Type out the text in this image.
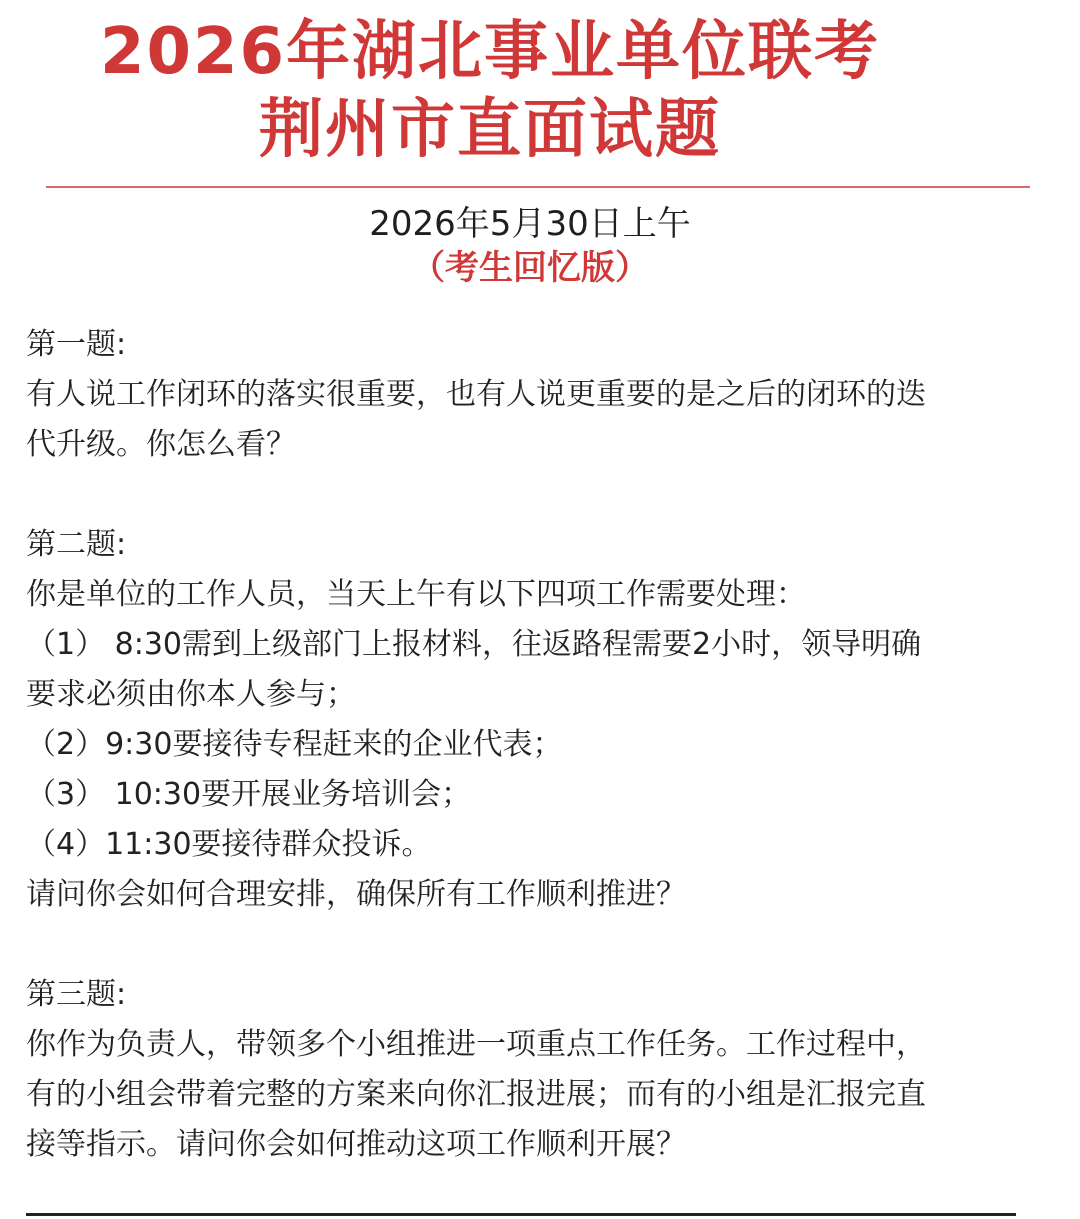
2026年湖北事业单位联考
荆州市直面试题
2026年5月30日上午
（考生回忆版）
第一题:
有人说工作闭环的落实很重要，也有人说更重要的是之后的闭环的迭
代升级。你怎么看？
第二题:
你是单位的工作人员，当天上午有以下四项工作需要处理：
（1） 8:30需到上级部门上报材料，往返路程需要2小时，领导明确
要求必须由你本人参与；
（2）9:30要接待专程赶来的企业代表；
（3） 10:30要开展业务培训会；
（4）11:30要接待群众投诉。
请问你会如何合理安排，确保所有工作顺利推进？
第三题:
你作为负责人，带领多个小组推进一项重点工作任务。工作过程中，
有的小组会带着完整的方案来向你汇报进展；而有的小组是汇报完直
接等指示。请问你会如何推动这项工作顺利开展？
